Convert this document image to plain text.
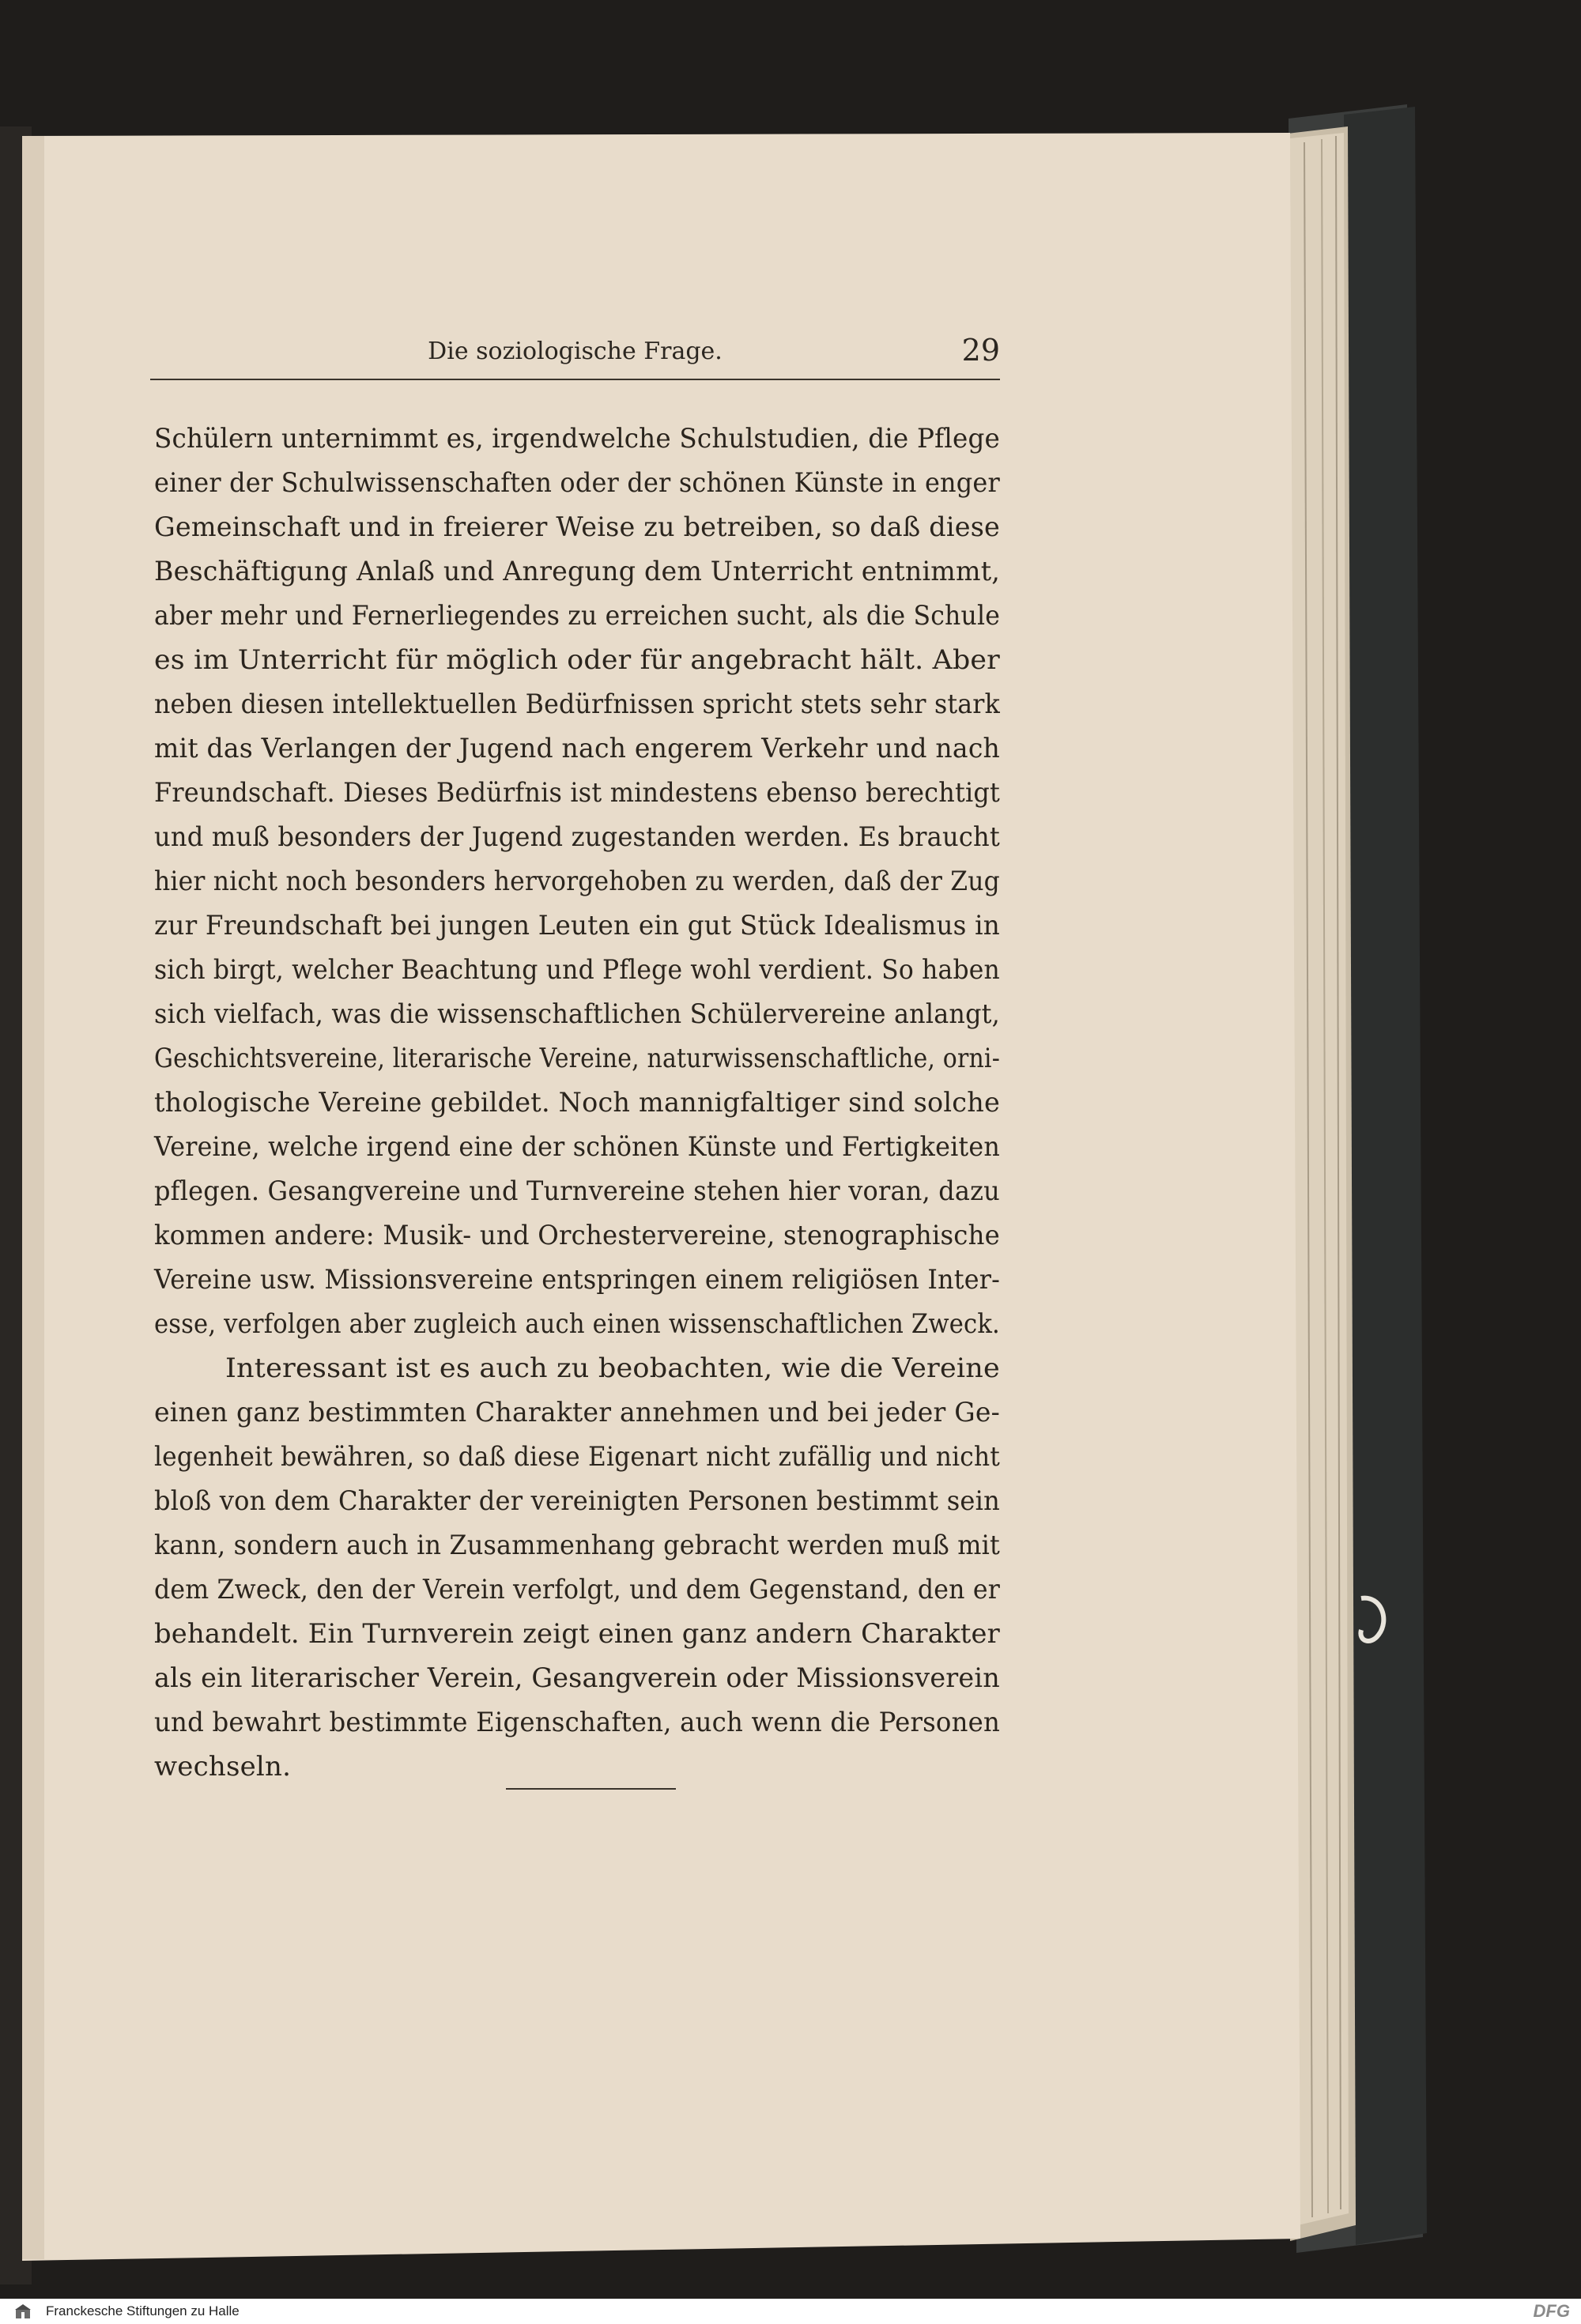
Die soziologische Frage.	29
Schülern unternimmt es, irgendwelche Schulstudien, die Pflege
einer der Schulwissenschaften oder der schönen Künste in enger
Gemeinschaft und in freierer Weise zu betreiben, so daß diese
Beschäftigung Anlaß und Anregung dem Unterricht entnimmt,
aber mehr und Fernerliegendes zu erreichen sucht, als die Schule
es im Unterricht für möglich oder für angebracht hält. Aber
neben diesen intellektuellen Bedürfnissen spricht stets sehr stark
mit das Verlangen der Jugend nach engerem Verkehr und nach
Freundschaft. Dieses Bedürfnis ist mindestens ebenso berechtigt
und muß besonders der Jugend zugestanden werden. Es braucht
hier nicht noch besonders hervorgehoben zu werden, daß der Zug
zur Freundschaft bei jungen Leuten ein gut Stück Idealismus in
sich birgt, welcher Beachtung und Pflege wohl verdient. So haben
sich vielfach, was die wissenschaftlichen Schülervereine anlangt,
Geschichtsvereine, literarische Vereine, naturwissenschaftliche, orni-
thologische Vereine gebildet. Noch mannigfaltiger sind solche
Vereine, welche irgend eine der schönen Künste und Fertigkeiten
pflegen. Gesangvereine und Turnvereine stehen hier voran, dazu
kommen andere: Musik- und Orchestervereine, stenographische
Vereine usw. Missionsvereine entspringen einem religiösen Inter-
esse, verfolgen aber zugleich auch einen wissenschaftlichen Zweck.
Interessant ist es auch zu beobachten, wie die Vereine
einen ganz bestimmten Charakter annehmen und bei jeder Ge-
legenheit bewähren, so daß diese Eigenart nicht zufällig und nicht
bloß von dem Charakter der vereinigten Personen bestimmt sein
kann, sondern auch in Zusammenhang gebracht werden muß mit
dem Zweck, den der Verein verfolgt, und dem Gegenstand, den er
behandelt. Ein Turnverein zeigt einen ganz andern Charakter
als ein literarischer Verein, Gesangverein oder Missionsverein
und bewahrt bestimmte Eigenschaften, auch wenn die Personen
wechseln.
Franckesche Stiftungen zu Halle	DFG
